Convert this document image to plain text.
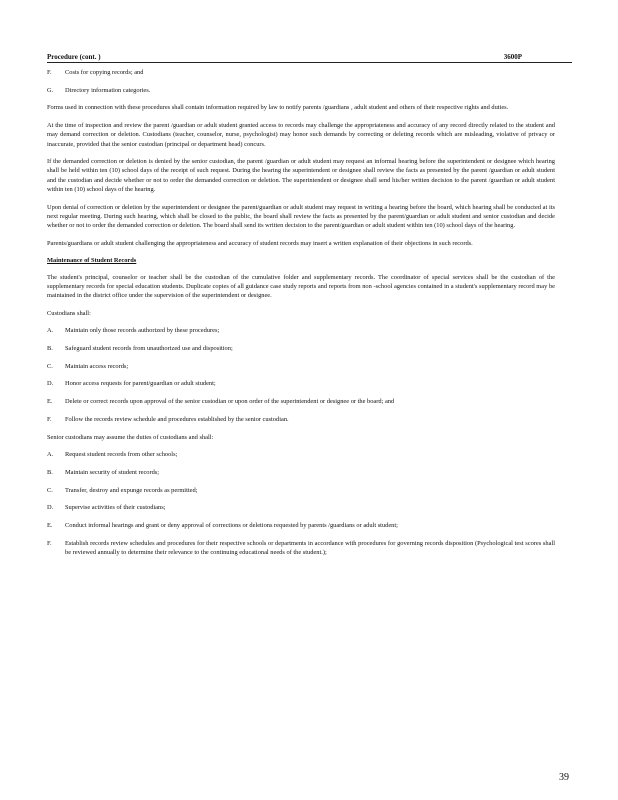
Procedure (cont. )	3600P
F.	Costs for copying records; and
G.	Directory information categories.

Forms used in connection with these procedures shall contain information required by law to notify parents /guardians , adult student and others of their respective rights and duties.

At the time of inspection and review the parent /guardian or adult student granted access to records may challenge the appropriateness and accuracy of any record directly related to the student and may demand correction or deletion. Custodians (teacher, counselor, nurse, psychologist) may honor such demands by correcting or deleting records which are misleading, violative of privacy or inaccurate, provided that the senior custodian (principal or department head) concurs.

If the demanded correction or deletion is denied by the senior custodian, the parent /guardian or adult student may request an informal hearing before the superintendent or designee which hearing shall be held within ten (10) school days of the receipt of such request. During the hearing the superintendent or designee shall review the facts as presented by the parent /guardian or adult student and the custodian and decide whether or not to order the demanded correction or deletion. The superintendent or designee shall send his/her written decision to the parent /guardian or adult student within ten (10) school days of the hearing.

Upon denial of correction or deletion by the superintendent or designee the parent/guardian or adult student may request in writing a hearing before the board, which hearing shall be conducted at its next regular meeting. During such hearing, which shall be closed to the public, the board shall review the facts as presented by the parent/guardian or adult student and senior custodian and decide whether or not to order the demanded correction or deletion. The board shall send its written decision to the parent/guardian or adult student within ten (10) school days of the hearing.

Parents/guardians or adult student challenging the appropriateness and accuracy of student records may insert a written explanation of their objections in such records.

Maintenance of Student Records

The student's principal, counselor or teacher shall be the custodian of the cumulative folder and supplementary records. The coordinator of special services shall be the custodian of the supplementary records for special education students. Duplicate copies of all guidance case study reports and reports from non -school agencies contained in a student's supplementary record may be maintained in the district office under the supervision of the superintendent or designee.

Custodians shall:

A.	Maintain only those records authorized by these procedures;
B.	Safeguard student records from unauthorized use and disposition;
C.	Maintain access records;
D.	Honor access requests for parent/guardian or adult student;
E.	Delete or correct records upon approval of the senior custodian or upon order of the superintendent or designee or the board; and
F.	Follow the records review schedule and procedures established by the senior custodian.

Senior custodians may assume the duties of custodians and shall:

A.	Request student records from other schools;
B.	Maintain security of student records;
C.	Transfer, destroy and expunge records as permitted;
D.	Supervise activities of their custodians;
E.	Conduct informal hearings and grant or deny approval of corrections or deletions requested by parents /guardians or adult student;
F.	Establish records review schedules and procedures for their respective schools or departments in accordance with procedures for governing records disposition (Psychological test scores shall be reviewed annually to determine their relevance to the continuing educational needs of the student.);
39
